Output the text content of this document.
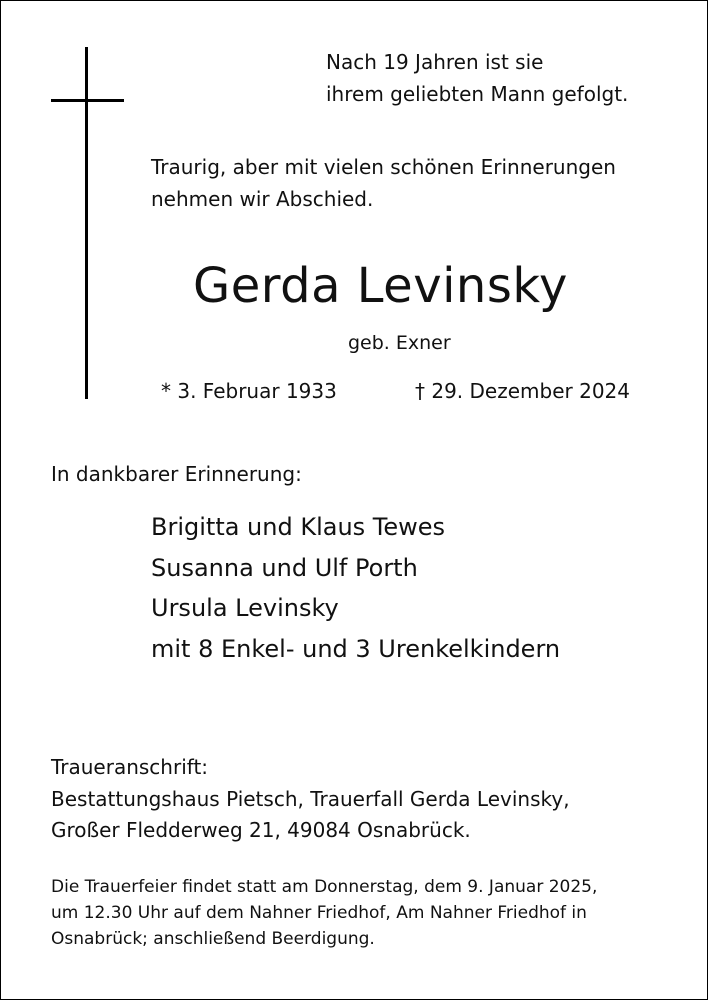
Nach 19 Jahren ist sie
ihrem geliebten Mann gefolgt.
Traurig, aber mit vielen schönen Erinnerungen
nehmen wir Abschied.
Gerda Levinsky
geb. Exner
* 3. Februar 1933	† 29. Dezember 2024
In dankbarer Erinnerung:
Brigitta und Klaus Tewes
Susanna und Ulf Porth
Ursula Levinsky
mit 8 Enkel- und 3 Urenkelkindern
Traueranschrift:
Bestattungshaus Pietsch, Trauerfall Gerda Levinsky,
Großer Fledderweg 21, 49084 Osnabrück.
Die Trauerfeier findet statt am Donnerstag, dem 9. Januar 2025,
um 12.30 Uhr auf dem Nahner Friedhof, Am Nahner Friedhof in
Osnabrück; anschließend Beerdigung.
